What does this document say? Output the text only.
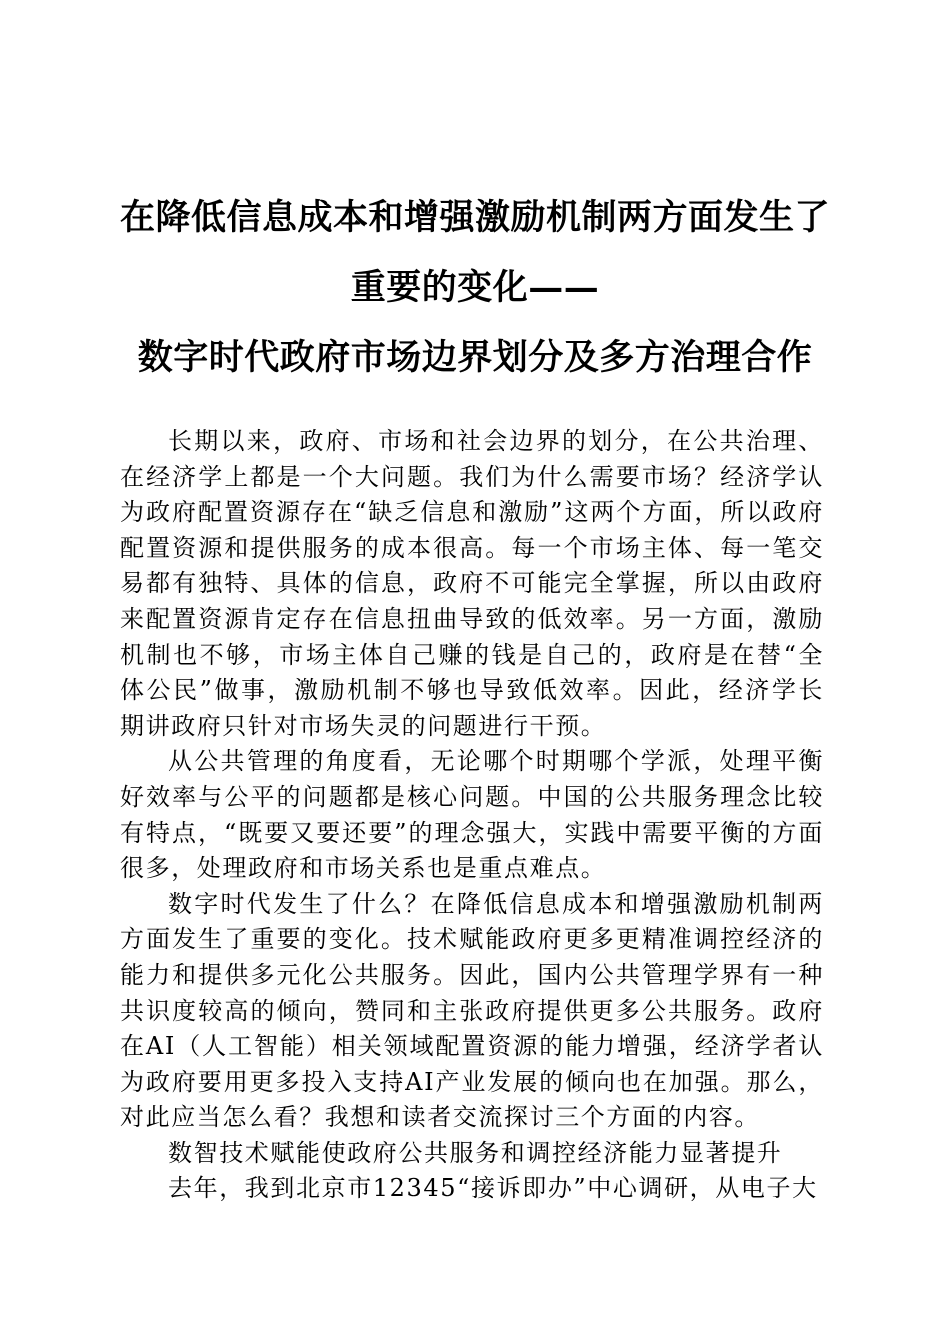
在降低信息成本和增强激励机制两方面发生了
重要的变化——
数字时代政府市场边界划分及多方治理合作

长期以来，政府、市场和社会边界的划分，在公共治理、在经济学上都是一个大问题。我们为什么需要市场？经济学认为政府配置资源存在“缺乏信息和激励”这两个方面，所以政府配置资源和提供服务的成本很高。每一个市场主体、每一笔交易都有独特、具体的信息，政府不可能完全掌握，所以由政府来配置资源肯定存在信息扭曲导致的低效率。另一方面，激励机制也不够，市场主体自己赚的钱是自己的，政府是在替“全体公民”做事，激励机制不够也导致低效率。因此，经济学长期讲政府只针对市场失灵的问题进行干预。

从公共管理的角度看，无论哪个时期哪个学派，处理平衡好效率与公平的问题都是核心问题。中国的公共服务理念比较有特点，“既要又要还要”的理念强大，实践中需要平衡的方面很多，处理政府和市场关系也是重点难点。

数字时代发生了什么？在降低信息成本和增强激励机制两方面发生了重要的变化。技术赋能政府更多更精准调控经济的能力和提供多元化公共服务。因此，国内公共管理学界有一种共识度较高的倾向，赞同和主张政府提供更多公共服务。政府在AI（人工智能）相关领域配置资源的能力增强，经济学者认为政府要用更多投入支持AI产业发展的倾向也在加强。那么，对此应当怎么看？我想和读者交流探讨三个方面的内容。

数智技术赋能使政府公共服务和调控经济能力显著提升

去年，我到北京市12345“接诉即办”中心调研，从电子大
